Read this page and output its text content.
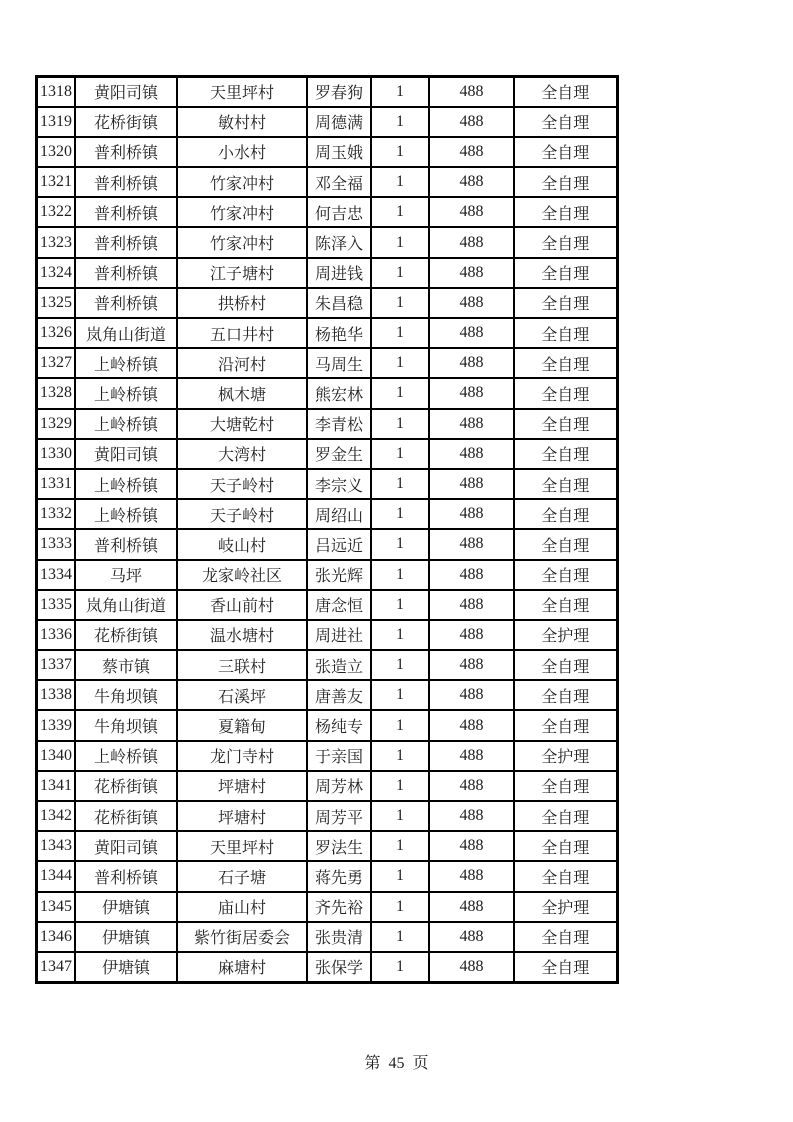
1318	黄阳司镇	天里坪村	罗春狗	1	488	全自理
1319	花桥街镇	敏村村	周德满	1	488	全自理
1320	普利桥镇	小水村	周玉娥	1	488	全自理
1321	普利桥镇	竹家冲村	邓全福	1	488	全自理
1322	普利桥镇	竹家冲村	何吉忠	1	488	全自理
1323	普利桥镇	竹家冲村	陈泽入	1	488	全自理
1324	普利桥镇	江子塘村	周进钱	1	488	全自理
1325	普利桥镇	拱桥村	朱昌稳	1	488	全自理
1326	岚角山街道	五口井村	杨艳华	1	488	全自理
1327	上岭桥镇	沿河村	马周生	1	488	全自理
1328	上岭桥镇	枫木塘	熊宏林	1	488	全自理
1329	上岭桥镇	大塘乾村	李青松	1	488	全自理
1330	黄阳司镇	大湾村	罗金生	1	488	全自理
1331	上岭桥镇	天子岭村	李宗义	1	488	全自理
1332	上岭桥镇	天子岭村	周绍山	1	488	全自理
1333	普利桥镇	岐山村	吕远近	1	488	全自理
1334	马坪	龙家岭社区	张光辉	1	488	全自理
1335	岚角山街道	香山前村	唐念恒	1	488	全自理
1336	花桥街镇	温水塘村	周进社	1	488	全护理
1337	蔡市镇	三联村	张造立	1	488	全自理
1338	牛角坝镇	石溪坪	唐善友	1	488	全自理
1339	牛角坝镇	夏籍甸	杨纯专	1	488	全自理
1340	上岭桥镇	龙门寺村	于亲国	1	488	全护理
1341	花桥街镇	坪塘村	周芳林	1	488	全自理
1342	花桥街镇	坪塘村	周芳平	1	488	全自理
1343	黄阳司镇	天里坪村	罗法生	1	488	全自理
1344	普利桥镇	石子塘	蒋先勇	1	488	全自理
1345	伊塘镇	庙山村	齐先裕	1	488	全护理
1346	伊塘镇	紫竹街居委会	张贵清	1	488	全自理
1347	伊塘镇	麻塘村	张保学	1	488	全自理
第 45 页
